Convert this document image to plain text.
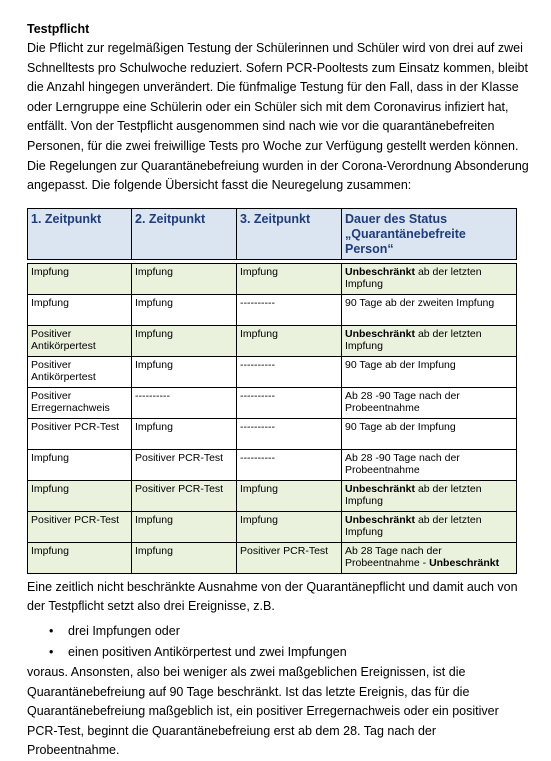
Testpflicht

Die Pflicht zur regelmäßigen Testung der Schülerinnen und Schüler wird von drei auf zwei Schnelltests pro Schulwoche reduziert. Sofern PCR-Pooltests zum Einsatz kommen, bleibt die Anzahl hingegen unverändert. Die fünfmalige Testung für den Fall, dass in der Klasse oder Lerngruppe eine Schülerin oder ein Schüler sich mit dem Coronavirus infiziert hat, entfällt. Von der Testpflicht ausgenommen sind nach wie vor die quarantänebefreiten Personen, für die zwei freiwillige Tests pro Woche zur Verfügung gestellt werden können.

Die Regelungen zur Quarantänebefreiung wurden in der Corona-Verordnung Absonderung angepasst. Die folgende Übersicht fasst die Neuregelung zusammen:

1. Zeitpunkt	2. Zeitpunkt	3. Zeitpunkt	Dauer des Status „Quarantänebefreite Person“

Impfung	Impfung	Impfung	Unbeschränkt ab der letzten Impfung
Impfung	Impfung	----------	90 Tage ab der zweiten Impfung
Positiver Antikörpertest	Impfung	Impfung	Unbeschränkt ab der letzten Impfung
Positiver Antikörpertest	Impfung	----------	90 Tage ab der Impfung
Positiver Erregernachweis	----------	----------	Ab 28 -90 Tage nach der Probeentnahme
Positiver PCR-Test	Impfung	----------	90 Tage ab der Impfung
Impfung	Positiver PCR-Test	----------	Ab 28 -90 Tage nach der Probeentnahme
Impfung	Positiver PCR-Test	Impfung	Unbeschränkt ab der letzten Impfung
Positiver PCR-Test	Impfung	Impfung	Unbeschränkt ab der letzten Impfung
Impfung	Impfung	Positiver PCR-Test	Ab 28 Tage nach der Probeentnahme - Unbeschränkt

Eine zeitlich nicht beschränkte Ausnahme von der Quarantänepflicht und damit auch von der Testpflicht setzt also drei Ereignisse, z.B.

• drei Impfungen oder
• einen positiven Antikörpertest und zwei Impfungen

voraus. Ansonsten, also bei weniger als zwei maßgeblichen Ereignissen, ist die Quarantänebefreiung auf 90 Tage beschränkt. Ist das letzte Ereignis, das für die Quarantänebefreiung maßgeblich ist, ein positiver Erregernachweis oder ein positiver PCR-Test, beginnt die Quarantänebefreiung erst ab dem 28. Tag nach der Probeentnahme.
